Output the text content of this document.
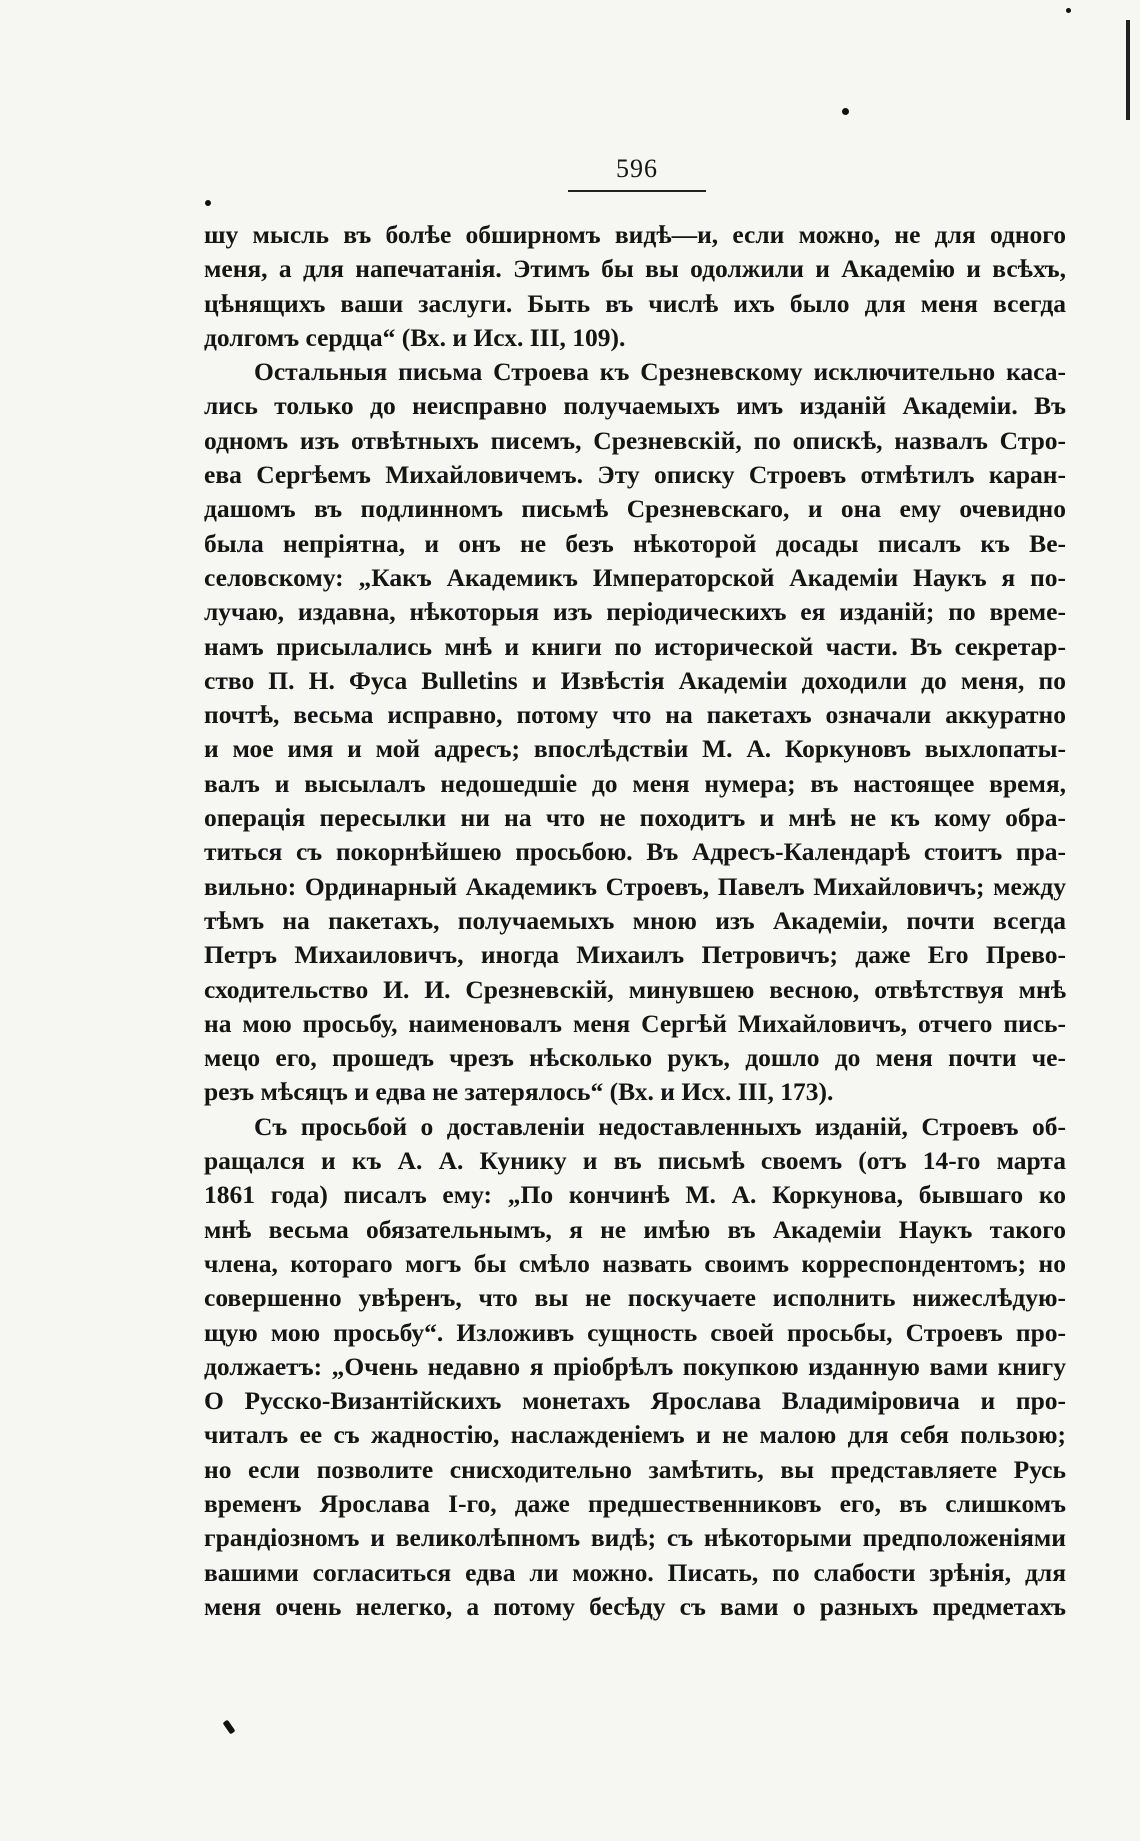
596
шу мысль въ болѣе обширномъ видѣ—и, если можно, не для одного
меня, а для напечатанія. Этимъ бы вы одолжили и Академію и всѣхъ,
цѣнящихъ ваши заслуги. Быть въ числѣ ихъ было для меня всегда
долгомъ сердца“ (Вх. и Исх. III, 109).
Остальныя письма Строева къ Срезневскому исключительно каса-
лись только до неисправно получаемыхъ имъ изданій Академіи. Въ
одномъ изъ отвѣтныхъ писемъ, Срезневскій, по опискѣ, назвалъ Стро-
ева Сергѣемъ Михайловичемъ. Эту описку Строевъ отмѣтилъ каран-
дашомъ въ подлинномъ письмѣ Срезневскаго, и она ему очевидно
была непріятна, и онъ не безъ нѣкоторой досады писалъ къ Ве-
селовскому: „Какъ Академикъ Императорской Академіи Наукъ я по-
лучаю, издавна, нѣкоторыя изъ періодическихъ ея изданій; по време-
намъ присылались мнѣ и книги по исторической части. Въ секретар-
ство П. Н. Фуса Bulletins и Извѣстія Академіи доходили до меня, по
почтѣ, весьма исправно, потому что на пакетахъ означали аккуратно
и мое имя и мой адресъ; впослѣдствіи М. А. Коркуновъ выхлопаты-
валъ и высылалъ недошедшіе до меня нумера; въ настоящее время,
операція пересылки ни на что не походитъ и мнѣ не къ кому обра-
титься съ покорнѣйшею просьбою. Въ Адресъ-Календарѣ стоитъ пра-
вильно: Ординарный Академикъ Строевъ, Павелъ Михайловичъ; между
тѣмъ на пакетахъ, получаемыхъ мною изъ Академіи, почти всегда
Петръ Михаиловичъ, иногда Михаилъ Петровичъ; даже Его Прево-
сходительство И. И. Срезневскій, минувшею весною, отвѣтствуя мнѣ
на мою просьбу, наименовалъ меня Сергѣй Михайловичъ, отчего пись-
мецо его, прошедъ чрезъ нѣсколько рукъ, дошло до меня почти че-
резъ мѣсяцъ и едва не затерялось“ (Вх. и Исх. III, 173).
Съ просьбой о доставленіи недоставленныхъ изданій, Строевъ об-
ращался и къ А. А. Кунику и въ письмѣ своемъ (отъ 14-го марта
1861 года) писалъ ему: „По кончинѣ М. А. Коркунова, бывшаго ко
мнѣ весьма обязательнымъ, я не имѣю въ Академіи Наукъ такого
члена, котораго могъ бы смѣло назвать своимъ корреспондентомъ; но
совершенно увѣренъ, что вы не поскучаете исполнить нижеслѣдую-
щую мою просьбу“. Изложивъ сущность своей просьбы, Строевъ про-
должаетъ: „Очень недавно я пріобрѣлъ покупкою изданную вами книгу
О Русско-Византійскихъ монетахъ Ярослава Владиміровича и про-
читалъ ее съ жадностію, наслажденіемъ и не малою для себя пользою;
но если позволите снисходительно замѣтить, вы представляете Русь
временъ Ярослава I-го, даже предшественниковъ его, въ слишкомъ
грандіозномъ и великолѣпномъ видѣ; съ нѣкоторыми предположеніями
вашими согласиться едва ли можно. Писать, по слабости зрѣнія, для
меня очень нелегко, а потому бесѣду съ вами о разныхъ предметахъ
